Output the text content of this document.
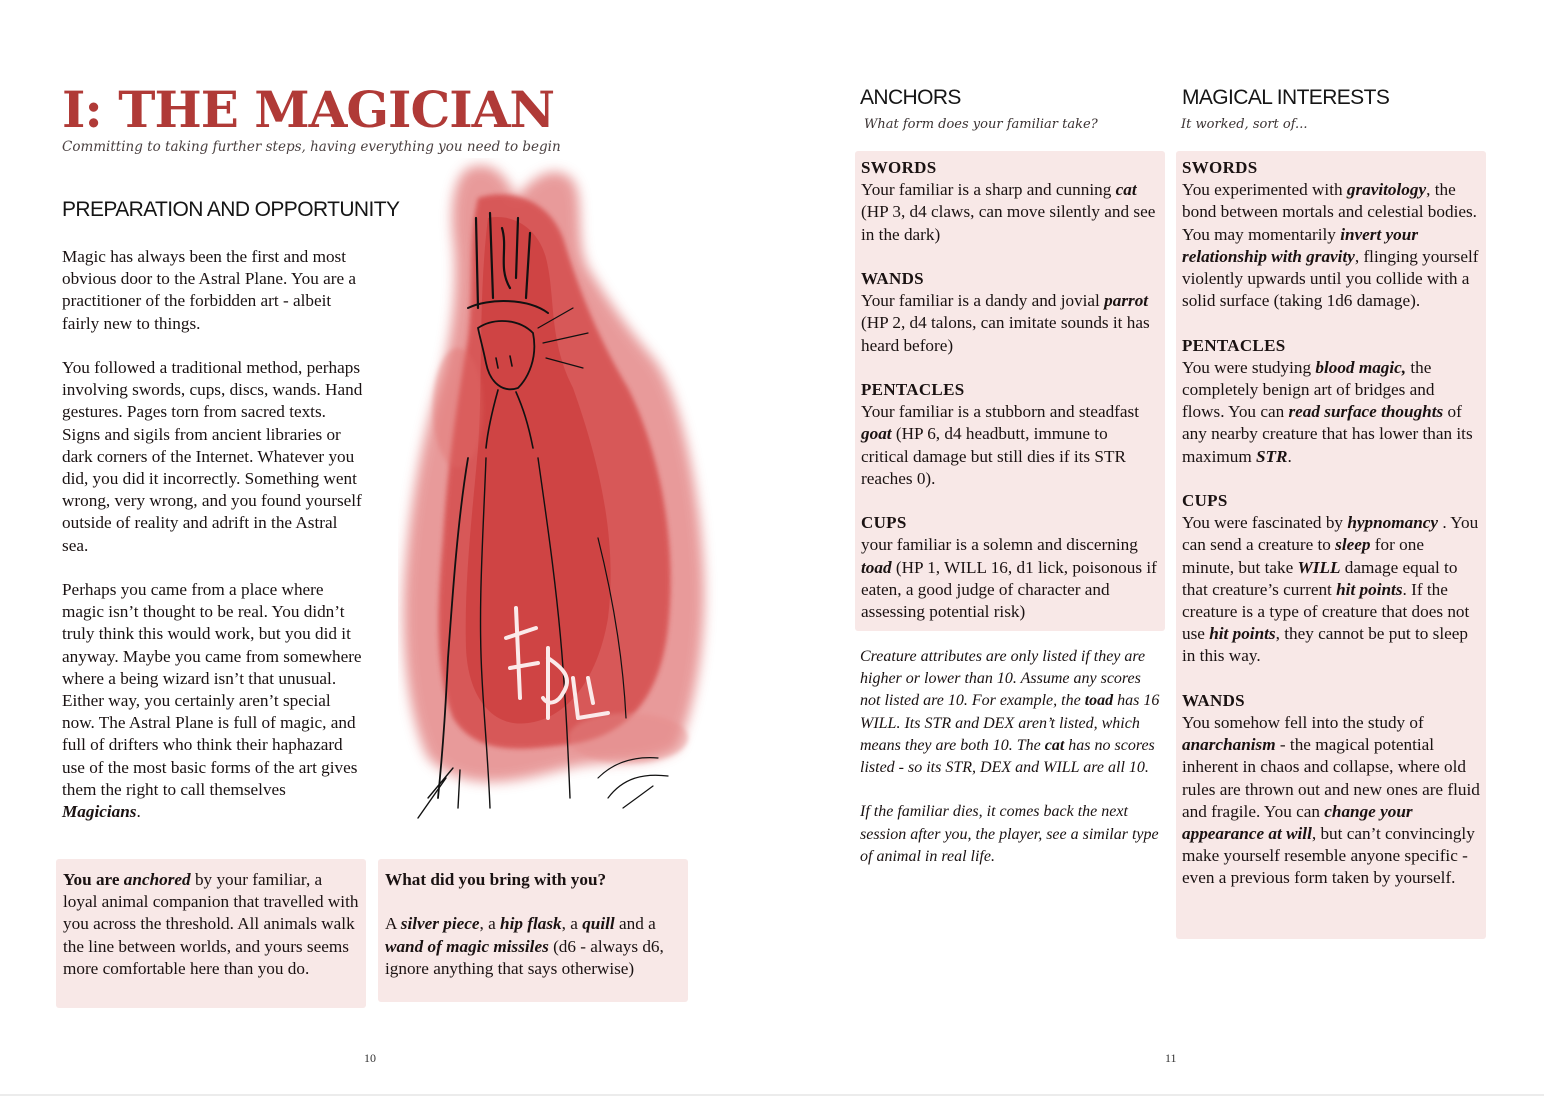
I: THE MAGICIAN
Committing to taking further steps, having everything you need to begin
PREPARATION AND OPPORTUNITY

Magic has always been the first and most obvious door to the Astral Plane. You are a practitioner of the forbidden art - albeit fairly new to things.

You followed a traditional method, perhaps involving swords, cups, discs, wands. Hand gestures. Pages torn from sacred texts. Signs and sigils from ancient libraries or dark corners of the Internet. Whatever you did, you did it incorrectly. Something went wrong, very wrong, and you found yourself outside of reality and adrift in the Astral sea.

Perhaps you came from a place where magic isn’t thought to be real. You didn’t truly think this would work, but you did it anyway. Maybe you came from somewhere where a being wizard isn’t that unusual. Either way, you certainly aren’t special now. The Astral Plane is full of magic, and full of drifters who think their haphazard use of the most basic forms of the art gives them the right to call themselves Magicians.

You are anchored by your familiar, a loyal animal companion that travelled with you across the threshold. All animals walk the line between worlds, and yours seems more comfortable here than you do.

What did you bring with you?

A silver piece, a hip flask, a quill and a wand of magic missiles (d6 - always d6, ignore anything that says otherwise)

10
ANCHORS
What form does your familiar take?
SWORDS
Your familiar is a sharp and cunning cat (HP 3, d4 claws, can move silently and see in the dark)
WANDS
Your familiar is a dandy and jovial parrot (HP 2, d4 talons, can imitate sounds it has heard before)
PENTACLES
Your familiar is a stubborn and steadfast goat (HP 6, d4 headbutt, immune to critical damage but still dies if its STR reaches 0).
CUPS
your familiar is a solemn and discerning toad (HP 1, WILL 16, d1 lick, poisonous if eaten, a good judge of character and assessing potential risk)

Creature attributes are only listed if they are higher or lower than 10. Assume any scores not listed are 10. For example, the toad has 16 WILL. Its STR and DEX aren’t listed, which means they are both 10. The cat has no scores listed - so its STR, DEX and WILL are all 10.

If the familiar dies, it comes back the next session after you, the player, see a similar type of animal in real life.

MAGICAL INTERESTS
It worked, sort of...
SWORDS
You experimented with gravitology, the bond between mortals and celestial bodies. You may momentarily invert your relationship with gravity, flinging yourself violently upwards until you collide with a solid surface (taking 1d6 damage).
PENTACLES
You were studying blood magic, the completely benign art of bridges and flows. You can read surface thoughts of any nearby creature that has lower than its maximum STR.
CUPS
You were fascinated by hypnomancy . You can send a creature to sleep for one minute, but take WILL damage equal to that creature’s current hit points. If the creature is a type of creature that does not use hit points, they cannot be put to sleep in this way.
WANDS
You somehow fell into the study of anarchanism - the magical potential inherent in chaos and collapse, where old rules are thrown out and new ones are fluid and fragile. You can change your appearance at will, but can’t convincingly make yourself resemble anyone specific - even a previous form taken by yourself.
11
